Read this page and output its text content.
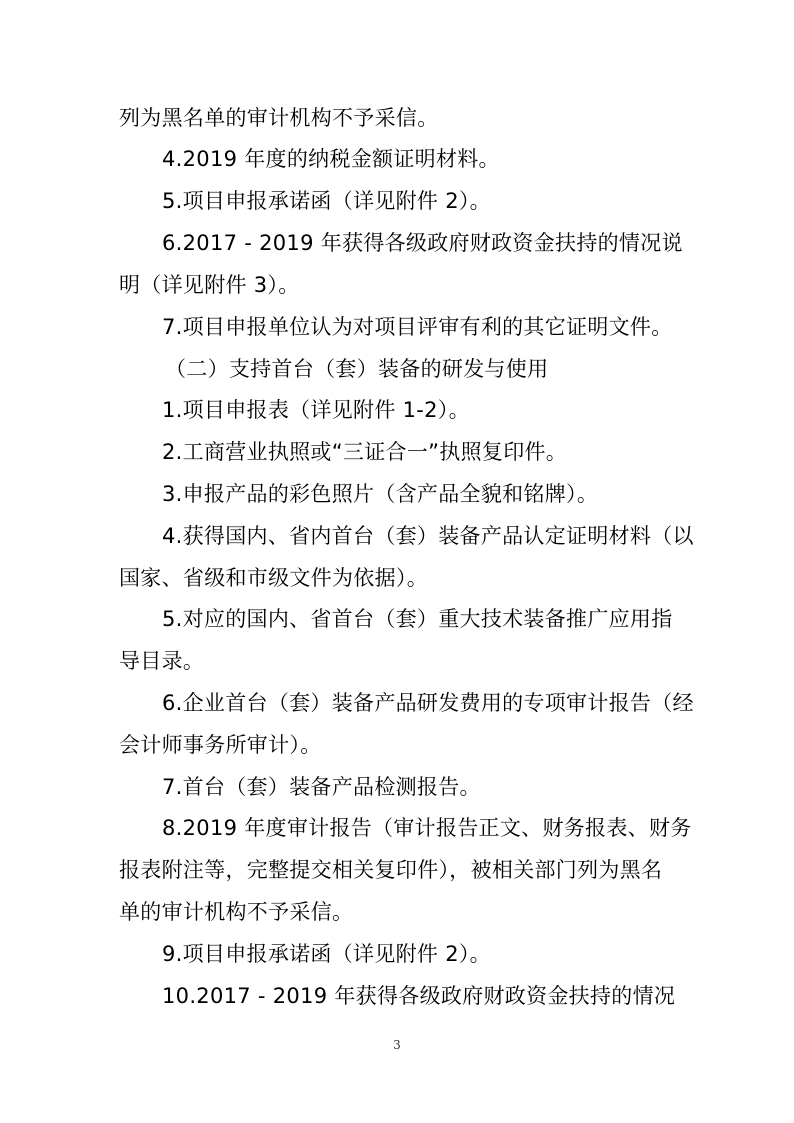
列为黑名单的审计机构不予采信。
4.2019 年度的纳税金额证明材料。
5.项目申报承诺函（详见附件 2）。
6.2017 - 2019 年获得各级政府财政资金扶持的情况说
明（详见附件 3）。
7.项目申报单位认为对项目评审有利的其它证明文件。
（二）支持首台（套）装备的研发与使用
1.项目申报表（详见附件 1-2）。
2.工商营业执照或“三证合一”执照复印件。
3.申报产品的彩色照片（含产品全貌和铭牌）。
4.获得国内、省内首台（套）装备产品认定证明材料（以
国家、省级和市级文件为依据）。
5.对应的国内、省首台（套）重大技术装备推广应用指
导目录。
6.企业首台（套）装备产品研发费用的专项审计报告（经
会计师事务所审计）。
7.首台（套）装备产品检测报告。
8.2019 年度审计报告（审计报告正文、财务报表、财务
报表附注等，完整提交相关复印件），被相关部门列为黑名
单的审计机构不予采信。
9.项目申报承诺函（详见附件 2）。
10.2017 - 2019 年获得各级政府财政资金扶持的情况
3
